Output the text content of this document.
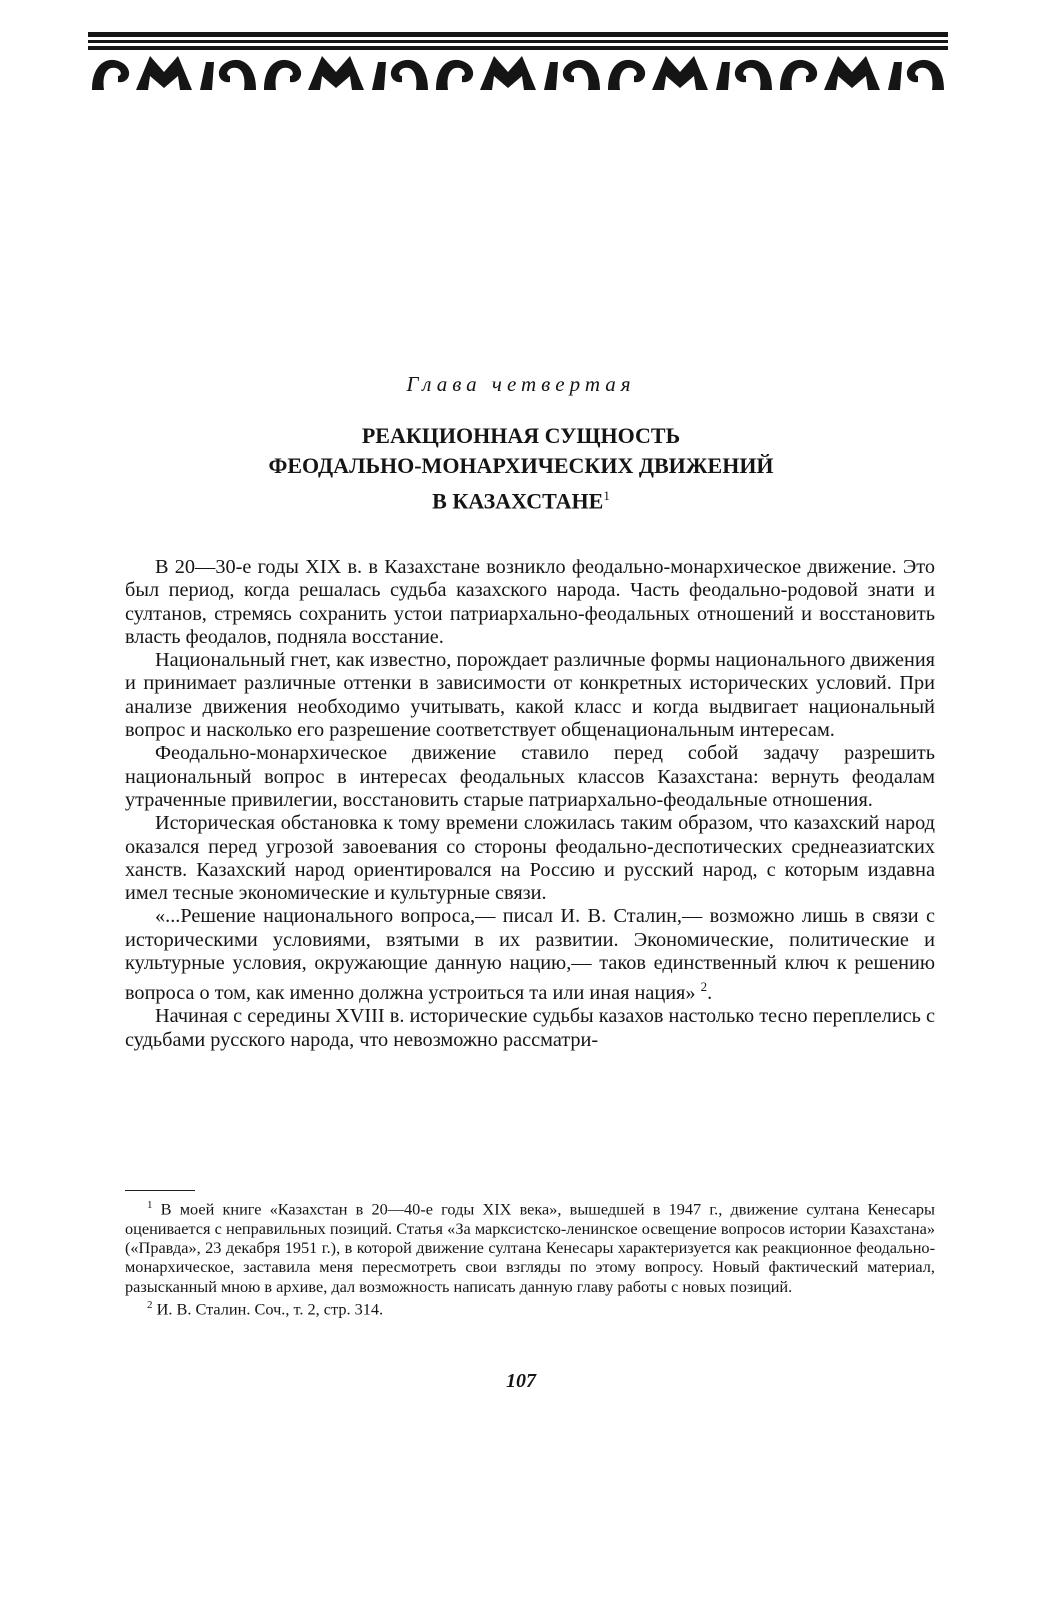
Глава четвертая
РЕАКЦИОННАЯ СУЩНОСТЬ
ФЕОДАЛЬНО-МОНАРХИЧЕСКИХ ДВИЖЕНИЙ
В КАЗАХСТАНЕ$^1$

В 20—30-е годы XIX в. в Казахстане возникло феодально-монархическое движение. Это был период, когда решалась судьба казахского народа. Часть феодально-родовой знати и султанов, стремясь сохранить устои патриархально-феодальных отношений и восстановить власть феодалов, подняла восстание.

Национальный гнет, как известно, порождает различные формы национального движения и принимает различные оттенки в зависимости от конкретных исторических условий. При анализе движения необходимо учитывать, какой класс и когда выдвигает национальный вопрос и насколько его разрешение соответствует общенациональным интересам.

Феодально-монархическое движение ставило перед собой задачу разрешить национальный вопрос в интересах феодальных классов Казахстана: вернуть феодалам утраченные привилегии, восстановить старые патриархально-феодальные отношения.

Историческая обстановка к тому времени сложилась таким образом, что казахский народ оказался перед угрозой завоевания со стороны феодально-деспотических среднеазиатских ханств. Казахский народ ориентировался на Россию и русский народ, с которым издавна имел тесные экономические и культурные связи.

«...Решение национального вопроса,— писал И. В. Сталин,— возможно лишь в связи с историческими условиями, взятыми в их развитии. Экономические, политические и культурные условия, окружающие данную нацию,— таков единственный ключ к решению вопроса о том, как именно должна устроиться та или иная нация» $^2$.

Начиная с середины XVIII в. исторические судьбы казахов настолько тесно переплелись с судьбами русского народа, что невозможно рассматри-

$^1$ В моей книге «Казахстан в 20—40-е годы XIX века», вышедшей в 1947 г., движение султана Кенесары оценивается с неправильных позиций. Статья «За марксистско-ленинское освещение вопросов истории Казахстана» («Правда», 23 декабря 1951 г.), в которой движение султана Кенесары характеризуется как реакционное феодально-монархическое, заставила меня пересмотреть свои взгляды по этому вопросу. Новый фактический материал, разысканный мною в архиве, дал возможность написать данную главу работы с новых позиций.

$^2$ И. В. Сталин. Соч., т. 2, стр. 314.

107
